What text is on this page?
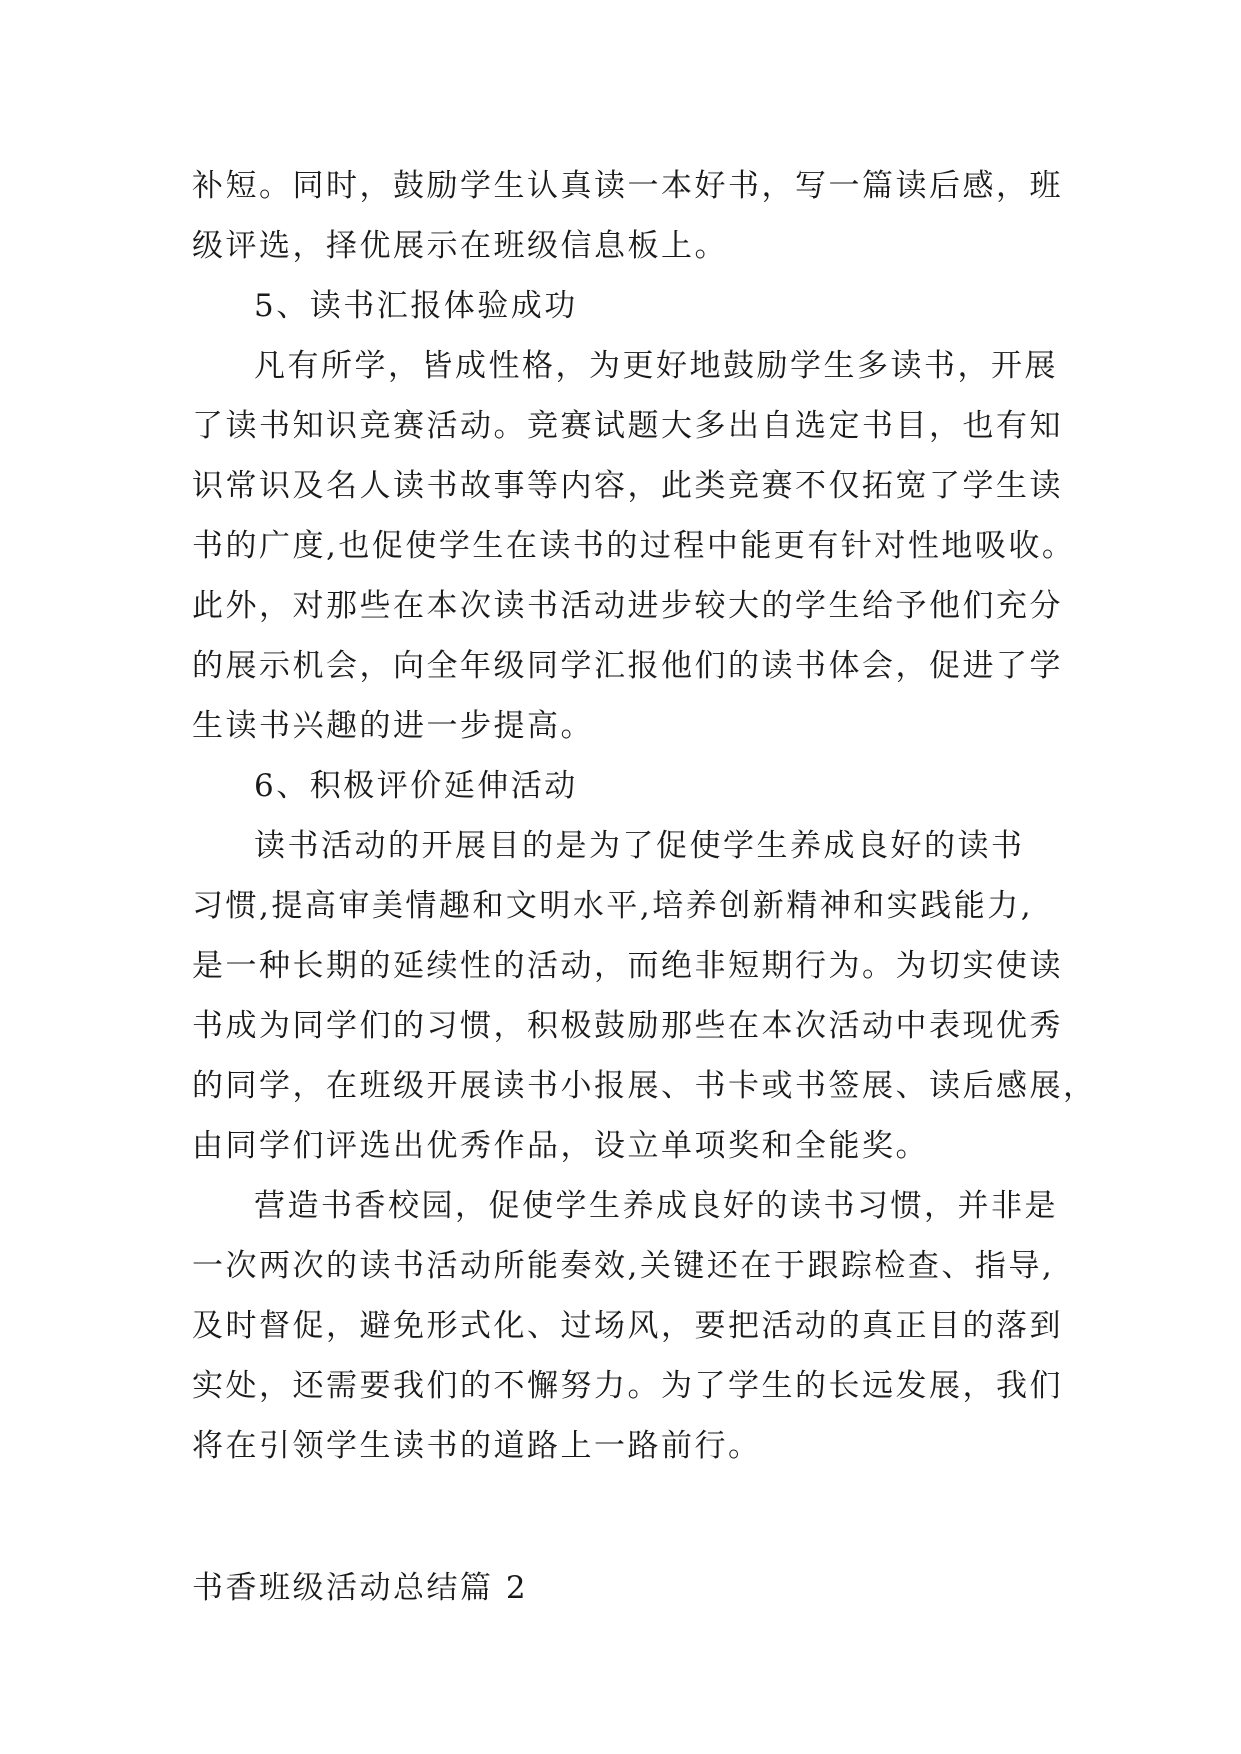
补短。同时，鼓励学生认真读一本好书，写一篇读后感，班
级评选，择优展示在班级信息板上。
5、读书汇报体验成功
凡有所学，皆成性格，为更好地鼓励学生多读书，开展
了读书知识竞赛活动。竞赛试题大多出自选定书目，也有知
识常识及名人读书故事等内容，此类竞赛不仅拓宽了学生读
书的广度,也促使学生在读书的过程中能更有针对性地吸收。
此外，对那些在本次读书活动进步较大的学生给予他们充分
的展示机会，向全年级同学汇报他们的读书体会，促进了学
生读书兴趣的进一步提高。
6、积极评价延伸活动
读书活动的开展目的是为了促使学生养成良好的读书
习惯,提高审美情趣和文明水平,培养创新精神和实践能力,
是一种长期的延续性的活动，而绝非短期行为。为切实使读
书成为同学们的习惯，积极鼓励那些在本次活动中表现优秀
的同学，在班级开展读书小报展、书卡或书签展、读后感展，
由同学们评选出优秀作品，设立单项奖和全能奖。
营造书香校园，促使学生养成良好的读书习惯，并非是
一次两次的读书活动所能奏效,关键还在于跟踪检查、指导,
及时督促，避免形式化、过场风，要把活动的真正目的落到
实处，还需要我们的不懈努力。为了学生的长远发展，我们
将在引领学生读书的道路上一路前行。
书香班级活动总结篇 2
